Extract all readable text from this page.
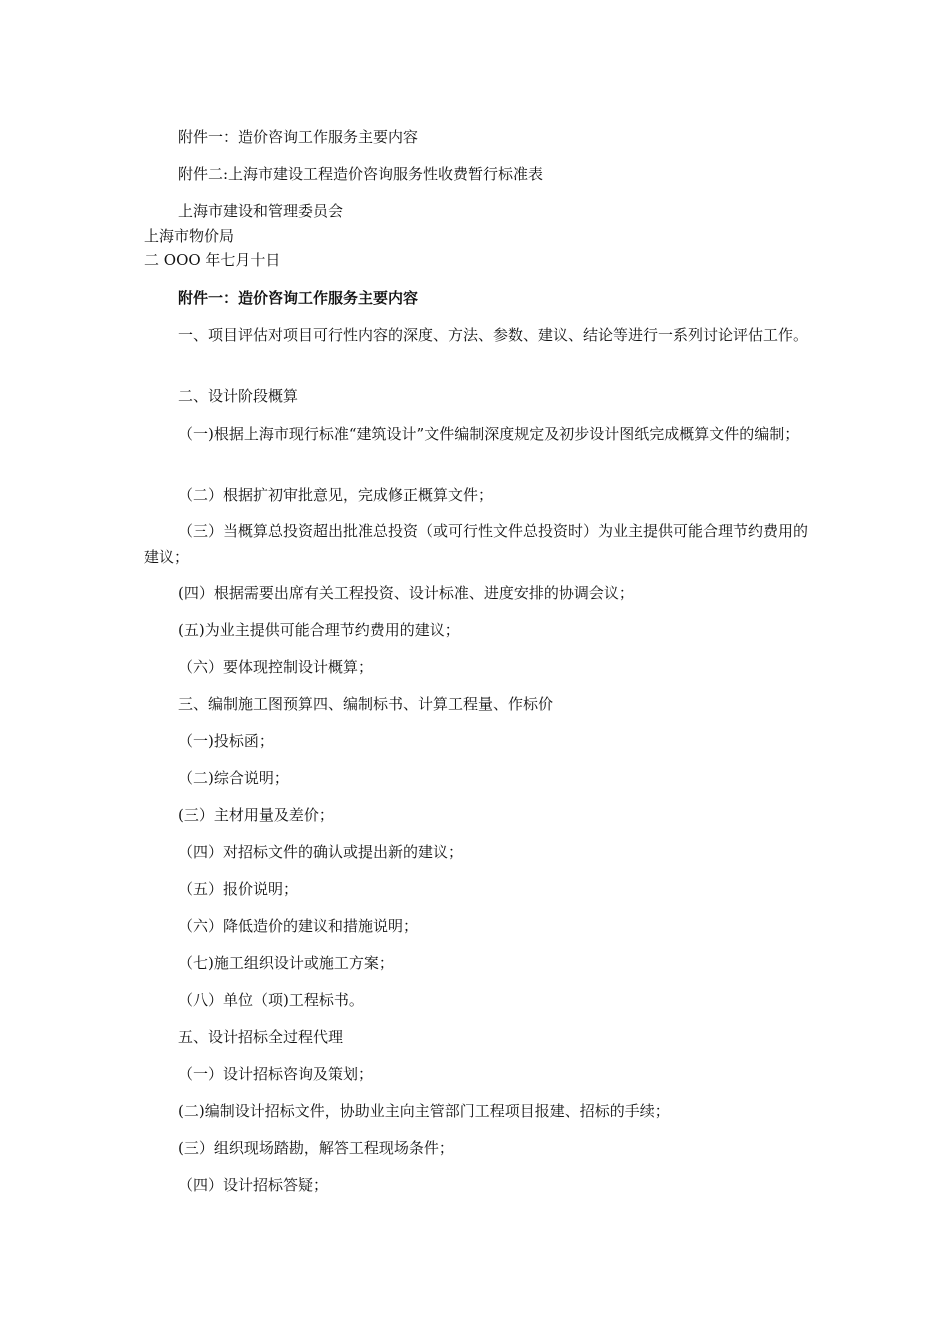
附件一：造价咨询工作服务主要内容
附件二:上海市建设工程造价咨询服务性收费暂行标准表
上海市建设和管理委员会
上海市物价局
二 OOO 年七月十日
附件一：造价咨询工作服务主要内容
一、项目评估对项目可行性内容的深度、方法、参数、建议、结论等进行一系列讨论评估工作。
二、设计阶段概算
（一)根据上海市现行标准“建筑设计”文件编制深度规定及初步设计图纸完成概算文件的编制；
（二）根据扩初审批意见，完成修正概算文件；
（三）当概算总投资超出批准总投资（或可行性文件总投资时）为业主提供可能合理节约费用的建议；
(四）根据需要出席有关工程投资、设计标准、进度安排的协调会议；
(五)为业主提供可能合理节约费用的建议；
（六）要体现控制设计概算；
三、编制施工图预算四、编制标书、计算工程量、作标价
（一)投标函；
（二)综合说明；
(三）主材用量及差价；
（四）对招标文件的确认或提出新的建议；
（五）报价说明；
（六）降低造价的建议和措施说明；
（七)施工组织设计或施工方案；
（八）单位（项)工程标书。
五、设计招标全过程代理
（一）设计招标咨询及策划；
(二)编制设计招标文件，协助业主向主管部门工程项目报建、招标的手续；
(三）组织现场踏勘，解答工程现场条件；
（四）设计招标答疑；
